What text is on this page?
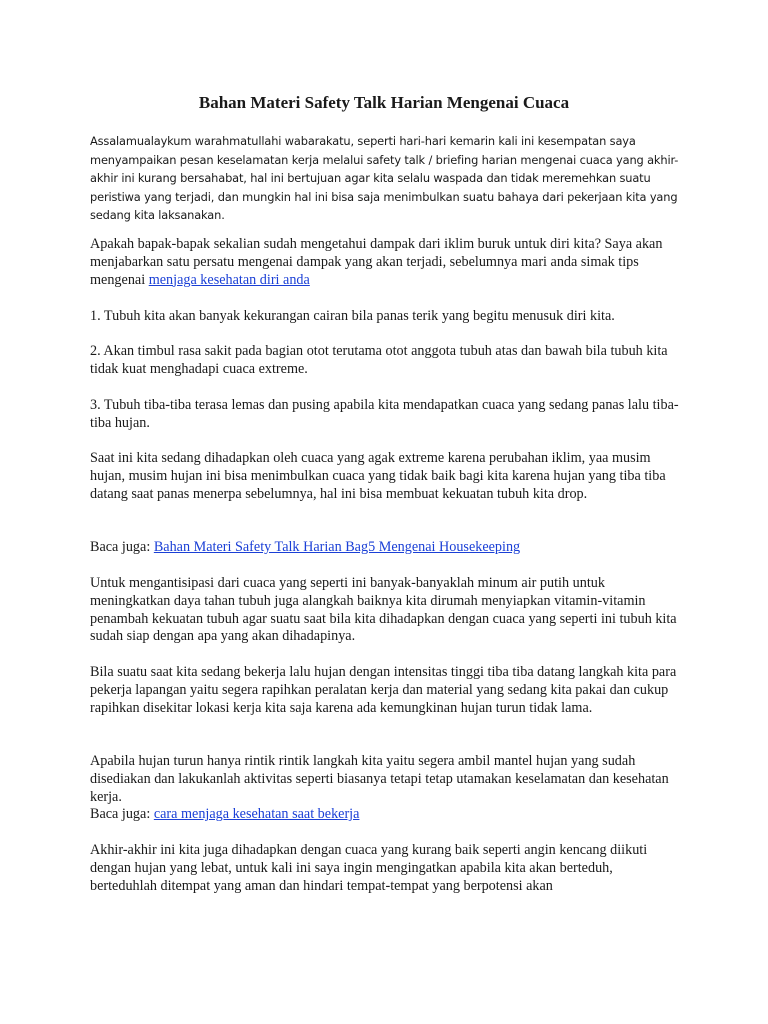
Bahan Materi Safety Talk Harian Mengenai Cuaca

Assalamualaykum warahmatullahi wabarakatu, seperti hari-hari kemarin kali ini kesempatan saya menyampaikan pesan keselamatan kerja melalui safety talk / briefing harian mengenai cuaca yang akhir-akhir ini kurang bersahabat, hal ini bertujuan agar kita selalu waspada dan tidak meremehkan suatu peristiwa yang terjadi, dan mungkin hal ini bisa saja menimbulkan suatu bahaya dari pekerjaan kita yang sedang kita laksanakan.

Apakah bapak-bapak sekalian sudah mengetahui dampak dari iklim buruk untuk diri kita? Saya akan menjabarkan satu persatu mengenai dampak yang akan terjadi, sebelumnya mari anda simak tips mengenai menjaga kesehatan diri anda

1. Tubuh kita akan banyak kekurangan cairan bila panas terik yang begitu menusuk diri kita.

2. Akan timbul rasa sakit pada bagian otot terutama otot anggota tubuh atas dan bawah bila tubuh kita tidak kuat menghadapi cuaca extreme.

3. Tubuh tiba-tiba terasa lemas dan pusing apabila kita mendapatkan cuaca yang sedang panas lalu tiba-tiba hujan.

Saat ini kita sedang dihadapkan oleh cuaca yang agak extreme karena perubahan iklim, yaa musim hujan, musim hujan ini bisa menimbulkan cuaca yang tidak baik bagi kita karena hujan yang tiba tiba datang saat panas menerpa sebelumnya, hal ini bisa membuat kekuatan tubuh kita drop.

Baca juga: Bahan Materi Safety Talk Harian Bag5 Mengenai Housekeeping

Untuk mengantisipasi dari cuaca yang seperti ini banyak-banyaklah minum air putih untuk meningkatkan daya tahan tubuh juga alangkah baiknya kita dirumah menyiapkan vitamin-vitamin penambah kekuatan tubuh agar suatu saat bila kita dihadapkan dengan cuaca yang seperti ini tubuh kita sudah siap dengan apa yang akan dihadapinya.

Bila suatu saat kita sedang bekerja lalu hujan dengan intensitas tinggi tiba tiba datang langkah kita para pekerja lapangan yaitu segera rapihkan peralatan kerja dan material yang sedang kita pakai dan cukup rapihkan disekitar lokasi kerja kita saja karena ada kemungkinan hujan turun tidak lama.

Apabila hujan turun hanya rintik rintik langkah kita yaitu segera ambil mantel hujan yang sudah disediakan dan lakukanlah aktivitas seperti biasanya tetapi tetap utamakan keselamatan dan kesehatan kerja.
Baca juga: cara menjaga kesehatan saat bekerja

Akhir-akhir ini kita juga dihadapkan dengan cuaca yang kurang baik seperti angin kencang diikuti dengan hujan yang lebat, untuk kali ini saya ingin mengingatkan apabila kita akan berteduh, berteduhlah ditempat yang aman dan hindari tempat-tempat yang berpotensi akan
